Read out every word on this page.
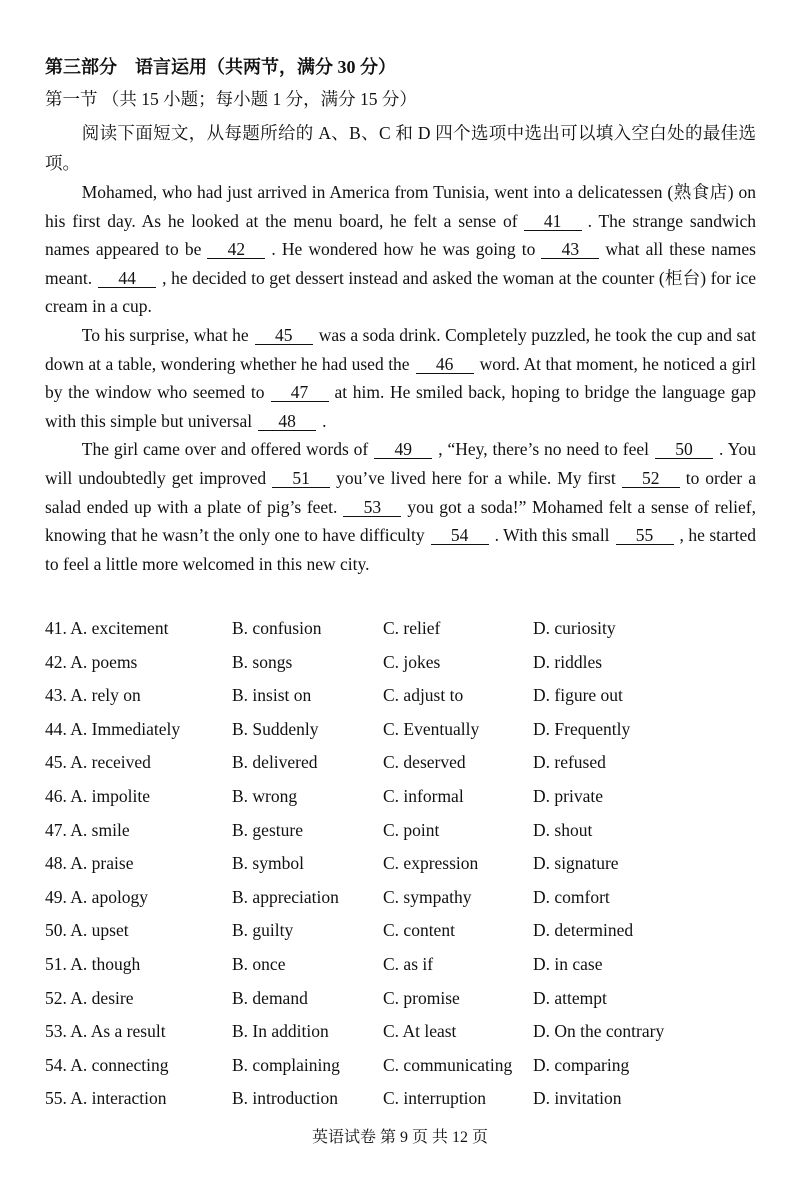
第三部分　语言运用（共两节，满分 30 分）
第一节 （共 15 小题；每小题 1 分，满分 15 分）

阅读下面短文，从每题所给的 A、B、C 和 D 四个选项中选出可以填入空白处的最佳选项。

Mohamed, who had just arrived in America from Tunisia, went into a delicatessen (熟食店) on his first day. As he looked at the menu board, he felt a sense of 41 . The strange sandwich names appeared to be 42 . He wondered how he was going to 43 what all these names meant. 44 , he decided to get dessert instead and asked the woman at the counter (柜台) for ice cream in a cup.

To his surprise, what he 45 was a soda drink. Completely puzzled, he took the cup and sat down at a table, wondering whether he had used the 46 word. At that moment, he noticed a girl by the window who seemed to 47 at him. He smiled back, hoping to bridge the language gap with this simple but universal 48 .

The girl came over and offered words of 49 , “Hey, there’s no need to feel 50 . You will undoubtedly get improved 51 you’ve lived here for a while. My first 52 to order a salad ended up with a plate of pig’s feet. 53 you got a soda!” Mohamed felt a sense of relief, knowing that he wasn’t the only one to have difficulty 54 . With this small 55 , he started to feel a little more welcomed in this new city.

41. A. excitement	B. confusion	C. relief	D. curiosity
42. A. poems	B. songs	C. jokes	D. riddles
43. A. rely on	B. insist on	C. adjust to	D. figure out
44. A. Immediately	B. Suddenly	C. Eventually	D. Frequently
45. A. received	B. delivered	C. deserved	D. refused
46. A. impolite	B. wrong	C. informal	D. private
47. A. smile	B. gesture	C. point	D. shout
48. A. praise	B. symbol	C. expression	D. signature
49. A. apology	B. appreciation	C. sympathy	D. comfort
50. A. upset	B. guilty	C. content	D. determined
51. A. though	B. once	C. as if	D. in case
52. A. desire	B. demand	C. promise	D. attempt
53. A. As a result	B. In addition	C. At least	D. On the contrary
54. A. connecting	B. complaining	C. communicating	D. comparing
55. A. interaction	B. introduction	C. interruption	D. invitation
英语试卷 第 9 页 共 12 页
